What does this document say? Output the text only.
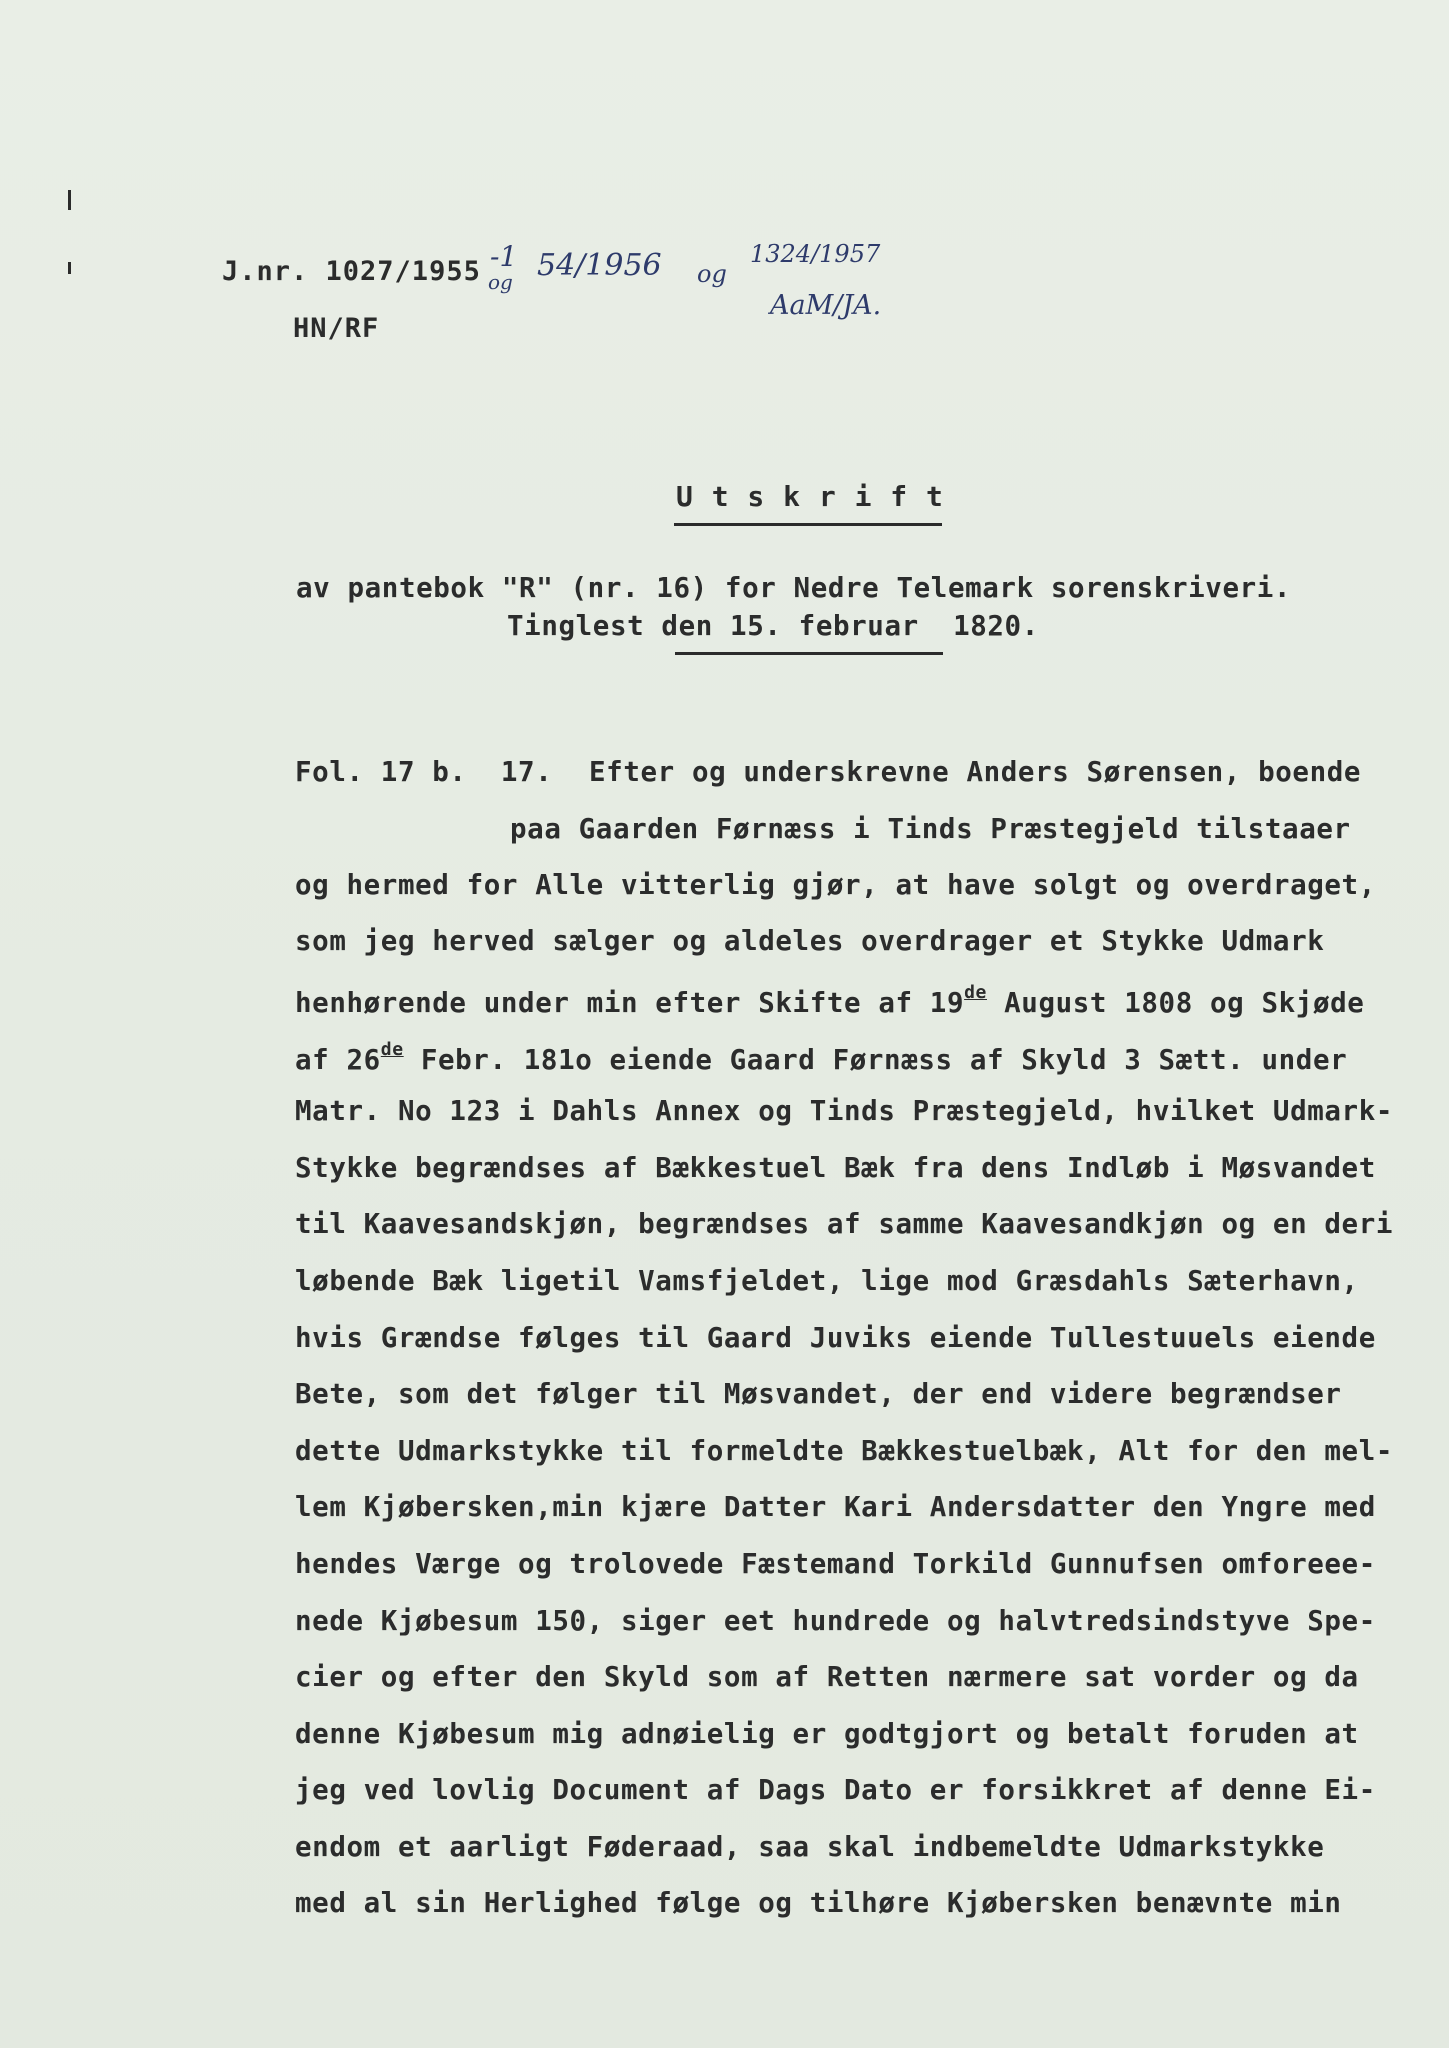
J.nr. 1027/1955 -1
og 54/1956 og
1324/1957
AaM/JA.
HN/RF
U t s k r i f t
av pantebok "R" (nr. 16) for Nedre Telemark sorenskriveri.
Tinglest den 15. februar  1820.
Fol. 17 b.  17. Efter og underskrevne Anders Sørensen, boende
paa Gaarden Førnæss i Tinds Præstegjeld tilstaaer
og hermed for Alle vitterlig gjør, at have solgt og overdraget,
som jeg herved sælger og aldeles overdrager et Stykke Udmark
henhørende under min efter Skifte af 19de August 1808 og Skjøde
af 26de Febr. 181o eiende Gaard Førnæss af Skyld 3 Sætt. under
Matr. No 123 i Dahls Annex og Tinds Præstegjeld, hvilket Udmark-
Stykke begrændses af Bækkestuel Bæk fra dens Indløb i Møsvandet
til Kaavesandskjøn, begrændses af samme Kaavesandkjøn og en deri
løbende Bæk ligetil Vamsfjeldet, lige mod Græsdahls Sæterhavn,
hvis Grændse følges til Gaard Juviks eiende Tullestuuels eiende
Bete, som det følger til Møsvandet, der end videre begrændser
dette Udmarkstykke til formeldte Bækkestuelbæk, Alt for den mel-
lem Kjøbersken,min kjære Datter Kari Andersdatter den Yngre med
hendes Værge og trolovede Fæstemand Torkild Gunnufsen omforeee-
nede Kjøbesum 150, siger eet hundrede og halvtredsindstyve Spe-
cier og efter den Skyld som af Retten nærmere sat vorder og da
denne Kjøbesum mig adnøielig er godtgjort og betalt foruden at
jeg ved lovlig Document af Dags Dato er forsikkret af denne Ei-
endom et aarligt Føderaad, saa skal indbemeldte Udmarkstykke
med al sin Herlighed følge og tilhøre Kjøbersken benævnte min
